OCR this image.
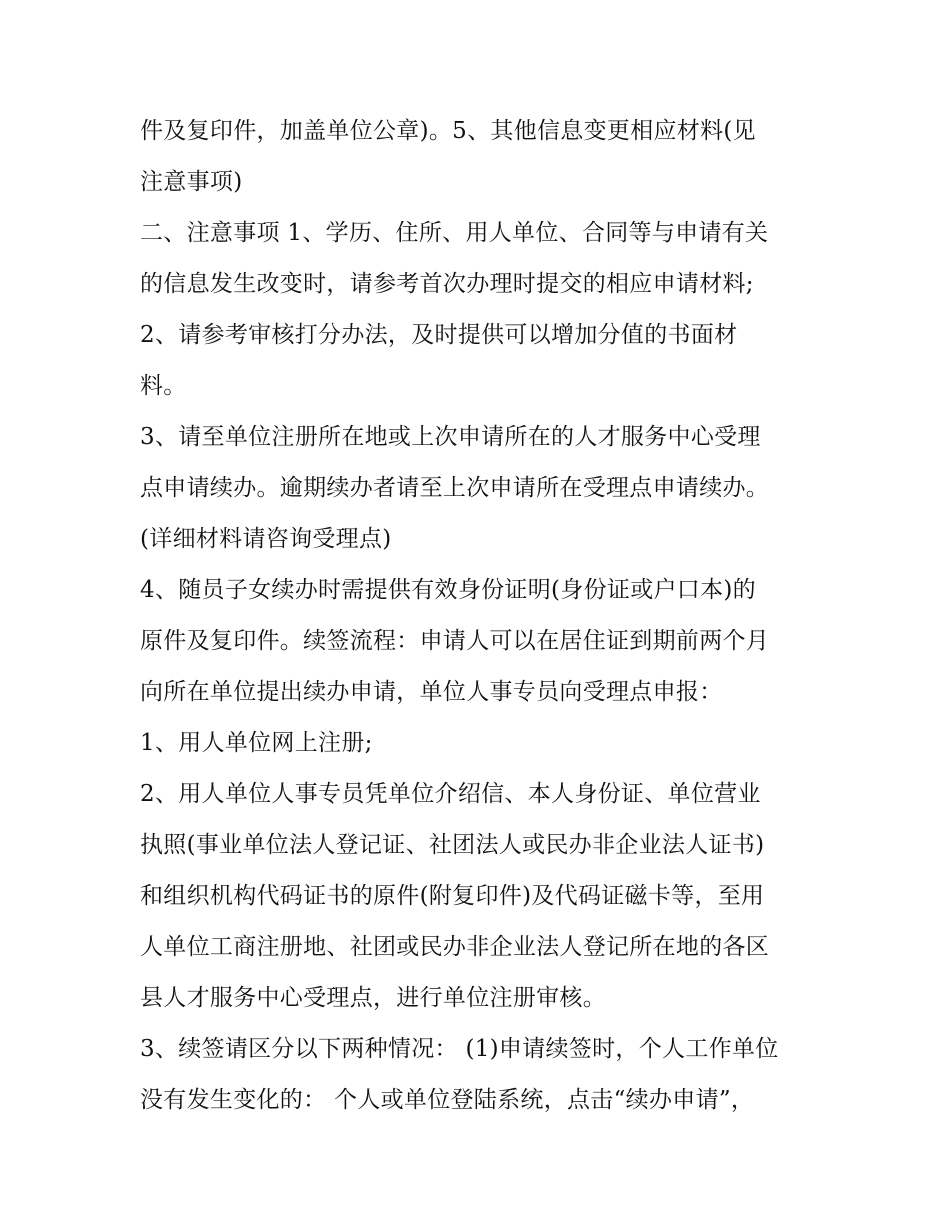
件及复印件，加盖单位公章)。5、其他信息变更相应材料(见
注意事项)
二、注意事项 1、学历、住所、用人单位、合同等与申请有关
的信息发生改变时，请参考首次办理时提交的相应申请材料;
2、请参考审核打分办法，及时提供可以增加分值的书面材
料。
3、请至单位注册所在地或上次申请所在的人才服务中心受理
点申请续办。逾期续办者请至上次申请所在受理点申请续办。
(详细材料请咨询受理点)
4、随员子女续办时需提供有效身份证明(身份证或户口本)的
原件及复印件。续签流程：申请人可以在居住证到期前两个月
向所在单位提出续办申请，单位人事专员向受理点申报：
1、用人单位网上注册;
2、用人单位人事专员凭单位介绍信、本人身份证、单位营业
执照(事业单位法人登记证、社团法人或民办非企业法人证书)
和组织机构代码证书的原件(附复印件)及代码证磁卡等，至用
人单位工商注册地、社团或民办非企业法人登记所在地的各区
县人才服务中心受理点，进行单位注册审核。
3、续签请区分以下两种情况： (1)申请续签时，个人工作单位
没有发生变化的： 个人或单位登陆系统，点击“续办申请”，
